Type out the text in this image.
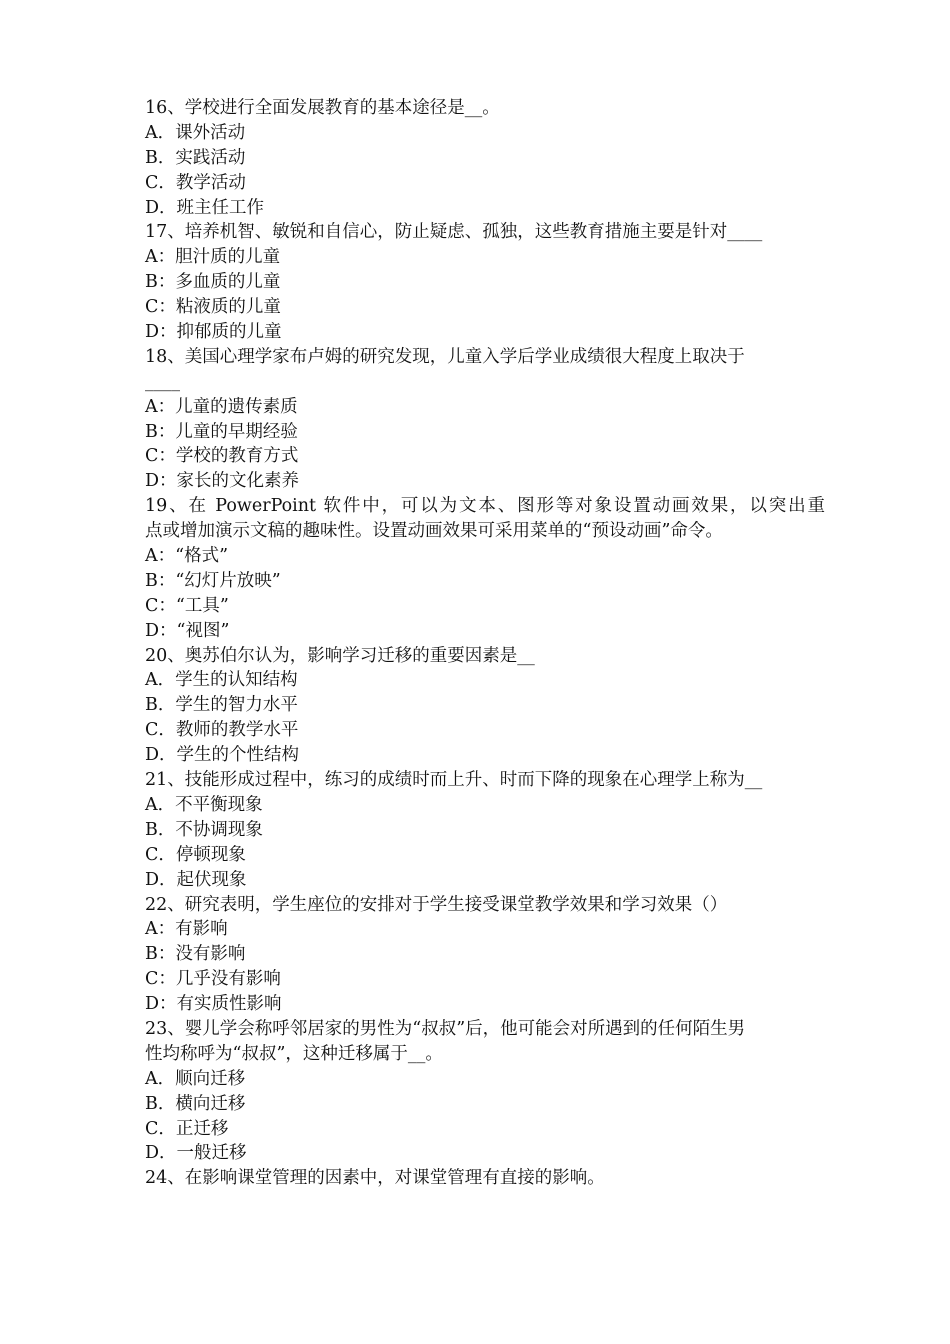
16、学校进行全面发展教育的基本途径是__。
A．课外活动
B．实践活动
C．教学活动
D．班主任工作
17、培养机智、敏锐和自信心，防止疑虑、孤独，这些教育措施主要是针对____
A：胆汁质的儿童
B：多血质的儿童
C：粘液质的儿童
D：抑郁质的儿童
18、美国心理学家布卢姆的研究发现，儿童入学后学业成绩很大程度上取决于
____
A：儿童的遗传素质
B：儿童的早期经验
C：学校的教育方式
D：家长的文化素养
19、在 PowerPoint 软件中，可以为文本、图形等对象设置动画效果，以突出重
点或增加演示文稿的趣味性。设置动画效果可采用菜单的“预设动画”命令。
A：“格式”
B：“幻灯片放映”
C：“工具”
D：“视图”
20、奥苏伯尔认为，影响学习迁移的重要因素是__
A．学生的认知结构
B．学生的智力水平
C．教师的教学水平
D．学生的个性结构
21、技能形成过程中，练习的成绩时而上升、时而下降的现象在心理学上称为__
A．不平衡现象
B．不协调现象
C．停顿现象
D．起伏现象
22、研究表明，学生座位的安排对于学生接受课堂教学效果和学习效果（）
A：有影响
B：没有影响
C：几乎没有影响
D：有实质性影响
23、婴儿学会称呼邻居家的男性为“叔叔”后，他可能会对所遇到的任何陌生男
性均称呼为“叔叔”，这种迁移属于__。
A．顺向迁移
B．横向迁移
C．正迁移
D．一般迁移
24、在影响课堂管理的因素中，对课堂管理有直接的影响。
